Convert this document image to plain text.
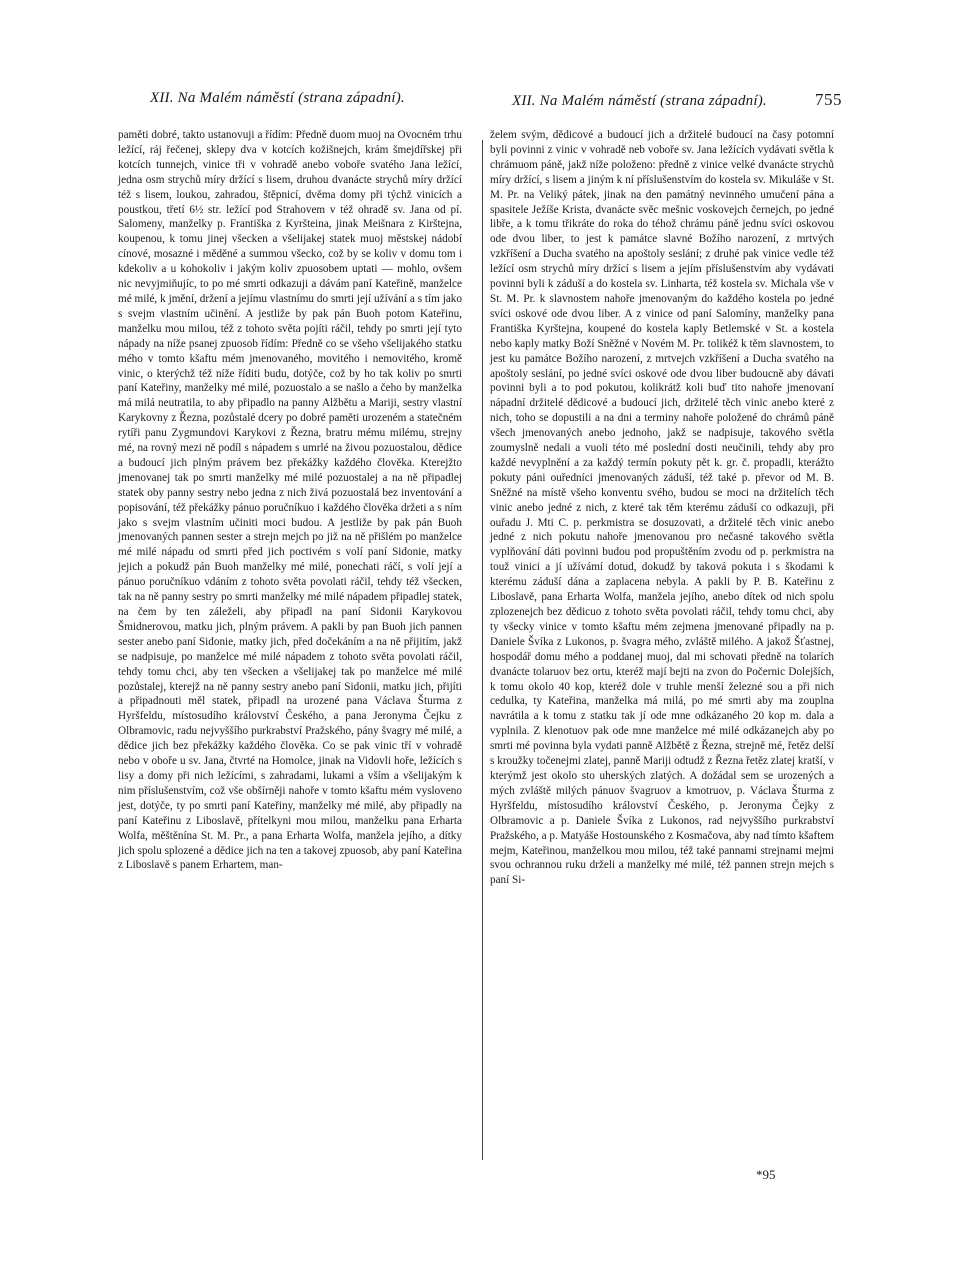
XII. Na Malém náměstí (strana západní).	XII. Na Malém náměstí (strana západní).	755

paměti dobré, takto ustanovuji a řídím: Předně duom muoj na Ovocném trhu ležící, ráj řečenej, sklepy dva v kotcích kožišnejch, krám šmejdířskej při kotcích tunnejch, vinice tři v vohradě anebo voboře svatého Jana ležící, jedna osm strychů míry držící s lisem, druhou dvanácte strychů míry držící též s lisem, loukou, zahradou, štěpnicí, dvěma domy při týchž vinicích a poustkou, třetí 6½ str. ležící pod Strahovem v též ohradě sv. Jana od pí. Salomeny, manželky p. Františka z Kyršteina, jinak Meišnara z Kirštejna, koupenou, k tomu jinej všecken a všelijakej statek muoj městskej nádobí cínové, mosazné i měděné a summou všecko, což by se koliv v domu tom i kdekoliv a u kohokoliv i jakým koliv zpuosobem uptati — mohlo, ovšem nic nevyjmiňujíc, to po mé smrti odkazuji a dávám paní Kateřině, manželce mé milé, k jmění, držení a jejímu vlastnímu do smrti její užívání a s tím jako s svejm vlastním učinění. A jestliže by pak pán Buoh potom Kateřinu, manželku mou milou, též z tohoto světa pojíti ráčil, tehdy po smrti její tyto nápady na níže psanej zpuosob řídím: Předně co se všeho všelijakého statku mého v tomto kšaftu mém jmenovaného, movitého i nemovitého, kromě vinic, o kterýchž též níže říditi budu, dotýče, což by ho tak koliv po smrti paní Kateřiny, manželky mé milé, pozuostalo a se našlo a čeho by manželka má milá neutratila, to aby připadlo na panny Alžbětu a Mariji, sestry vlastní Karykovny z Řezna, pozůstalé dcery po dobré paměti urozeném a statečném rytíři panu Zygmundovi Karykovi z Řezna, bratru mému milému, strejny mé, na rovný mezi ně podíl s nápadem s umrlé na živou pozuostalou, dědice a budoucí jich plným právem bez překážky každého člověka. Kterejžto jmenovanej tak po smrti manželky mé milé pozuostalej a na ně připadlej statek oby panny sestry nebo jedna z nich živá pozuostalá bez inventování a popisování, též překážky pánuo poručníkuo i každého člověka držeti a s ním jako s svejm vlastním učiniti moci budou. A jestliže by pak pán Buoh jmenovaných pannen sester a strejn mejch po již na ně přišlém po manželce mé milé nápadu od smrti před jich poctivém s volí paní Sidonie, matky jejich a pokudž pán Buoh manželky mé milé, ponechati ráčí, s volí její a pánuo poručníkuo vdáním z tohoto světa povolati ráčil, tehdy též všecken, tak na ně panny sestry po smrti manželky mé milé nápadem připadlej statek, na čem by ten záleželi, aby připadl na paní Sidonii Karykovou Šmidnerovou, matku jich, plným právem. A pakli by pan Buoh jich pannen sester anebo paní Sidonie, matky jich, před dočekáním a na ně přijitím, jakž se nadpisuje, po manželce mé milé nápadem z tohoto světa povolati ráčil, tehdy tomu chci, aby ten všecken a všelijakej tak po manželce mé milé pozůstalej, kterejž na ně panny sestry anebo paní Sidonii, matku jich, přijíti a připadnouti měl statek, připadl na urozené pana Václava Šturma z Hyršfeldu, místosudího království Českého, a pana Jeronyma Čejku z Olbramovic, radu nejvyššího purkrabství Pražského, pány švagry mé milé, a dědice jich bez překážky každého člověka. Co se pak vinic tří v vohradě nebo v oboře u sv. Jana, čtvrté na Homolce, jinak na Vidovli hoře, ležících s lisy a domy při nich ležícími, s zahradami, lukami a vším a všelijakým k nim příslušenstvím, což vše obšírněji nahoře v tomto kšaftu mém vysloveno jest, dotýče, ty po smrti paní Kateřiny, manželky mé milé, aby připadly na paní Kateřinu z Liboslavě, přítelkyni mou milou, manželku pana Erharta Wolfa, měštěnína St. M. Pr., a pana Erharta Wolfa, manžela jejího, a dítky jich spolu splozené a dědice jich na ten a takovej zpuosob, aby paní Kateřina z Liboslavě s panem Erhartem, man-

želem svým, dědicové a budoucí jich a držitelé budoucí na časy potomní byli povinni z vinic v vohradě neb voboře sv. Jana ležících vydávati světla k chrámuom páně, jakž níže položeno: předně z vinice velké dvanácte strychů míry držící, s lisem a jiným k ní příslušenstvím do kostela sv. Mikuláše v St. M. Pr. na Veliký pátek, jinak na den památný nevinného umučení pána a spasitele Ježíše Krista, dvanácte svěc mešnic voskovejch černejch, po jedné libře, a k tomu třikráte do roka do téhož chrámu páně jednu svíci oskovou ode dvou liber, to jest k památce slavné Božího narození, z mrtvých vzkříšení a Ducha svatého na apoštoly seslání; z druhé pak vinice vedle též ležící osm strychů míry držící s lisem a jejím příslušenstvím aby vydávati povinni byli k záduší a do kostela sv. Linharta, též kostela sv. Michala vše v St. M. Pr. k slavnostem nahoře jmenovaným do každého kostela po jedné svíci oskové ode dvou liber. A z vinice od paní Salomíny, manželky pana Františka Kyrštejna, koupené do kostela kaply Betlemské v St. a kostela nebo kaply matky Boží Sněžné v Novém M. Pr. tolikéž k těm slavnostem, to jest ku památce Božího narození, z mrtvejch vzkříšení a Ducha svatého na apoštoly seslání, po jedné svíci oskové ode dvou liber budoucně aby dávati povinni byli a to pod pokutou, kolikrátž koli buď tito nahoře jmenovaní nápadní držitelé dědicové a budoucí jich, držitelé těch vinic anebo které z nich, toho se dopustili a na dni a terminy nahoře položené do chrámů páně všech jmenovaných anebo jednoho, jakž se nadpisuje, takového světla zoumyslně nedali a vuoli této mé poslední dosti neučinili, tehdy aby pro každé nevyplnění a za každý termín pokuty pět k. gr. č. propadli, kterážto pokuty páni ouředníci jmenovaných záduší, též také p. převor od M. B. Sněžné na místě všeho konventu svého, budou se moci na držitelích těch vinic anebo jedné z nich, z které tak těm kterému záduší co odkazuji, při ouřadu J. Mti C. p. perkmistra se dosuzovati, a držitelé těch vinic anebo jedné z nich pokutu nahoře jmenovanou pro nečasné takového světla vyplňování dáti povinni budou pod propuštěním zvodu od p. perkmistra na touž vinici a jí užívámí dotud, dokudž by taková pokuta i s škodami k kterému záduší dána a zaplacena nebyla. A pakli by P. B. Kateřinu z Liboslavě, pana Erharta Wolfa, manžela jejího, anebo dítek od nich spolu zplozenejch bez dědicuo z tohoto světa povolati ráčil, tehdy tomu chci, aby ty všecky vinice v tomto kšaftu mém zejmena jmenované připadly na p. Daniele Švíka z Lukonos, p. švagra mého, zvláště milého. A jakož Šťastnej, hospodář domu mého a poddanej muoj, dal mi schovati předně na tolarích dvanácte tolaruov bez ortu, kteréž mají bejti na zvon do Počernic Dolejších, k tomu okolo 40 kop, kteréž dole v truhle menší železné sou a při nich cedulka, ty Kateřina, manželka má milá, po mé smrti aby ma zouplna navrátila a k tomu z statku tak jí ode mne odkázaného 20 kop m. dala a vyplnila. Z klenotuov pak ode mne manželce mé milé odkázanejch aby po smrti mé povinna byla vydati panně Alžbětě z Řezna, strejně mé, řetěz delší s kroužky točenejmi zlatej, panně Mariji odtudž z Řezna řetěz zlatej kratší, v kterýmž jest okolo sto uherských zlatých. A dožádal sem se urozených a mých zvláště milých pánuov švagruov a kmotruov, p. Václava Šturma z Hyršfeldu, místosudího království Českého, p. Jeronyma Čejky z Olbramovic a p. Daniele Švíka z Lukonos, rad nejvyššího purkrabství Pražského, a p. Matyáše Hostounského z Kosmačova, aby nad tímto kšaftem mejm, Kateřinou, manželkou mou milou, též také pannami strejnami mejmi svou ochrannou ruku drželi a manželky mé milé, též pannen strejn mejch s paní Si-

*95
